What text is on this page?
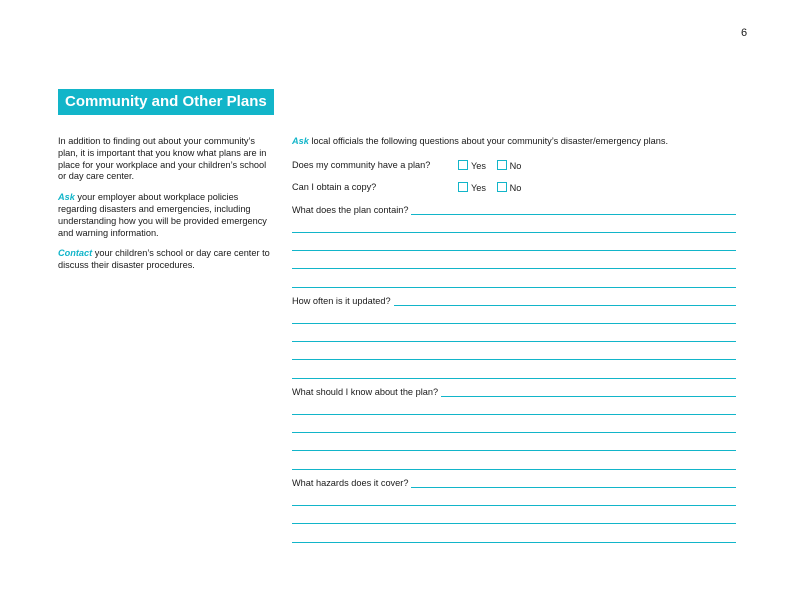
6
Community and Other Plans

In addition to finding out about your community’s plan, it is important that you know what plans are in place for your workplace and your children’s school or day care center.

Ask your employer about workplace policies regarding disasters and emergencies, including understanding how you will be provided emergency and warning information.

Contact your children’s school or day care center to discuss their disaster procedures.

Ask local officials the following questions about your community’s disaster/emergency plans.
Does my community have a plan?	Yes	No
Can I obtain a copy?	Yes	No
What does the plan contain?
How often is it updated?
What should I know about the plan?
What hazards does it cover?
